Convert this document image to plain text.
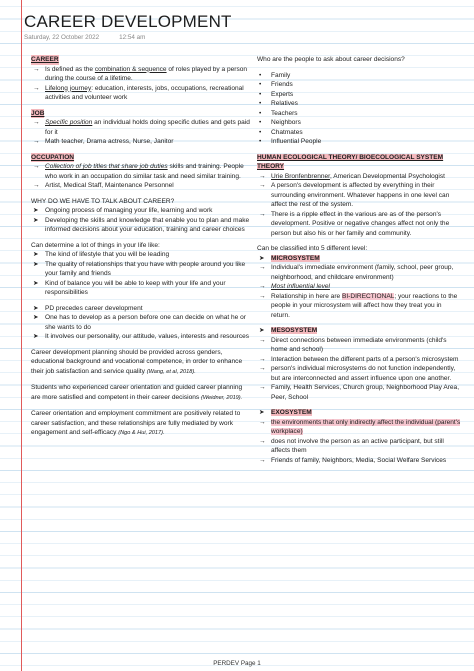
CAREER DEVELOPMENT
Saturday, 22 October 2022	12:54 am
CAREER
→ Is defined as the combination & sequence of roles played by a person during the course of a lifetime.
→ Lifelong journey: education, interests, jobs, occupations, recreational activities and volunteer work
JOB
→ Specific position an individual holds doing specific duties and gets paid for it
→ Math teacher, Drama actress, Nurse, Janitor
OCCUPATION
→ Collection of job titles that share job duties skills and training. People who work in an occupation do similar task and need similar training.
→ Artist, Medical Staff, Maintenance Personnel
WHY DO WE HAVE TO TALK ABOUT CAREER?
➤ Ongoing process of managing your life, learning and work
➤ Developing the skills and knowledge that enable you to plan and make informed decisions about your education, training and career choices
Can determine a lot of things in your life like:
➤ The kind of lifestyle that you will be leading
➤ The quality of relationships that you have with people around you like your family and friends
➤ Kind of balance you will be able to keep with your life and your responsibilities
➤ PD precedes career development
➤ One has to develop as a person before one can decide on what he or she wants to do
➤ It involves our personality, our attitude, values, interests and resources
Career development planning should be provided across genders, educational background and vocational competence, in order to enhance their job satisfaction and service quality (Wang, et al, 2018).
Students who experienced career orientation and guided career planning are more satisfied and competent in their career decisions (Weidner, 2019).
Career orientation and employment commitment are positively related to career satisfaction, and these relationships are fully mediated by work engagement and self-efficacy (Ngo & Hui, 2017).
Who are the people to ask about career decisions?
• Family
• Friends
• Experts
• Relatives
• Teachers
• Neighbors
• Chatmates
• Influential People
HUMAN ECOLOGICAL THEORY/ BIOECOLOGICAL SYSTEM THEORY
→ Urie Bronfenbrenner, American Developmental Psychologist
→ A person's development is affected by everything in their surrounding environment. Whatever happens in one level can affect the rest of the system.
→ There is a ripple effect in the various are as of the person's development. Positive or negative changes affect not only the person but also his or her family and community.
Can be classified into 5 different level:
➤ MICROSYSTEM
→ Individual's immediate environment (family, school, peer group, neighborhood, and childcare environment)
→ Most influential level
→ Relationship in here are BI-DIRECTIONAL; your reactions to the people in your microsystem will affect how they treat you in return.
➤ MESOSYSTEM
→ Direct connections between immediate environments (child's home and school)
→ Interaction between the different parts of a person's microsystem
→ person's individual microsystems do not function independently, but are interconnected and assert influence upon one another.
→ Family, Health Services, Church group, Neighborhood Play Area, Peer, School
➤ EXOSYSTEM
→ the environments that only indirectly affect the individual (parent's workplace)
→ does not involve the person as an active participant, but still affects them
→ Friends of family, Neighbors, Media, Social Welfare Services
PERDEV Page 1
